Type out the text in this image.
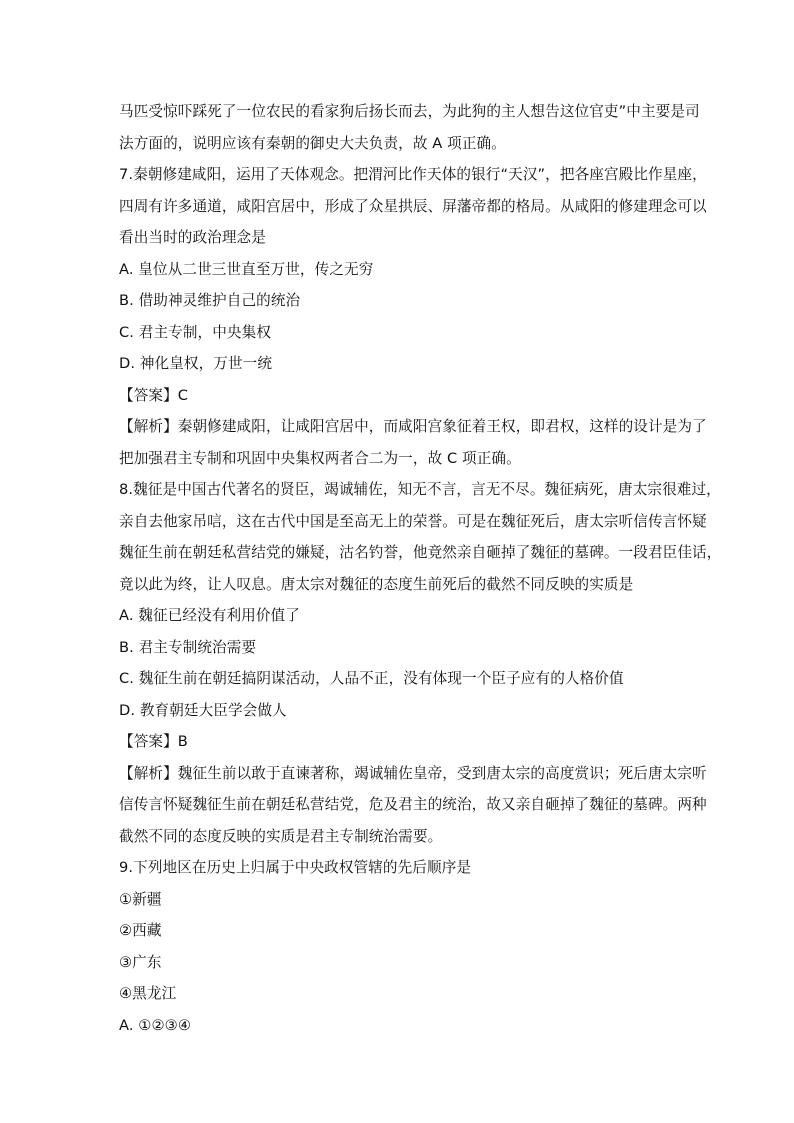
马匹受惊吓踩死了一位农民的看家狗后扬长而去，为此狗的主人想告这位官吏”中主要是司
法方面的，说明应该有秦朝的御史大夫负责，故 A 项正确。
7.秦朝修建咸阳，运用了天体观念。把渭河比作天体的银行“天汉”，把各座宫殿比作星座，
四周有许多通道，咸阳宫居中，形成了众星拱辰、屏藩帝都的格局。从咸阳的修建理念可以
看出当时的政治理念是
A. 皇位从二世三世直至万世，传之无穷
B. 借助神灵维护自己的统治
C. 君主专制，中央集权
D. 神化皇权，万世一统
【答案】C
【解析】秦朝修建咸阳，让咸阳宫居中，而咸阳宫象征着王权，即君权，这样的设计是为了
把加强君主专制和巩固中央集权两者合二为一，故 C 项正确。
8.魏征是中国古代著名的贤臣，竭诚辅佐，知无不言，言无不尽。魏征病死，唐太宗很难过，
亲自去他家吊唁，这在古代中国是至高无上的荣誉。可是在魏征死后，唐太宗听信传言怀疑
魏征生前在朝廷私营结党的嫌疑，沽名钓誉，他竟然亲自砸掉了魏征的墓碑。一段君臣佳话，
竟以此为终，让人叹息。唐太宗对魏征的态度生前死后的截然不同反映的实质是
A. 魏征已经没有利用价值了
B. 君主专制统治需要
C. 魏征生前在朝廷搞阴谋活动，人品不正，没有体现一个臣子应有的人格价值
D. 教育朝廷大臣学会做人
【答案】B
【解析】魏征生前以敢于直谏著称，竭诚辅佐皇帝，受到唐太宗的高度赏识；死后唐太宗听
信传言怀疑魏征生前在朝廷私营结党，危及君主的统治，故又亲自砸掉了魏征的墓碑。两种
截然不同的态度反映的实质是君主专制统治需要。
9.下列地区在历史上归属于中央政权管辖的先后顺序是
①新疆
②西藏
③广东
④黑龙江
A. ①②③④
